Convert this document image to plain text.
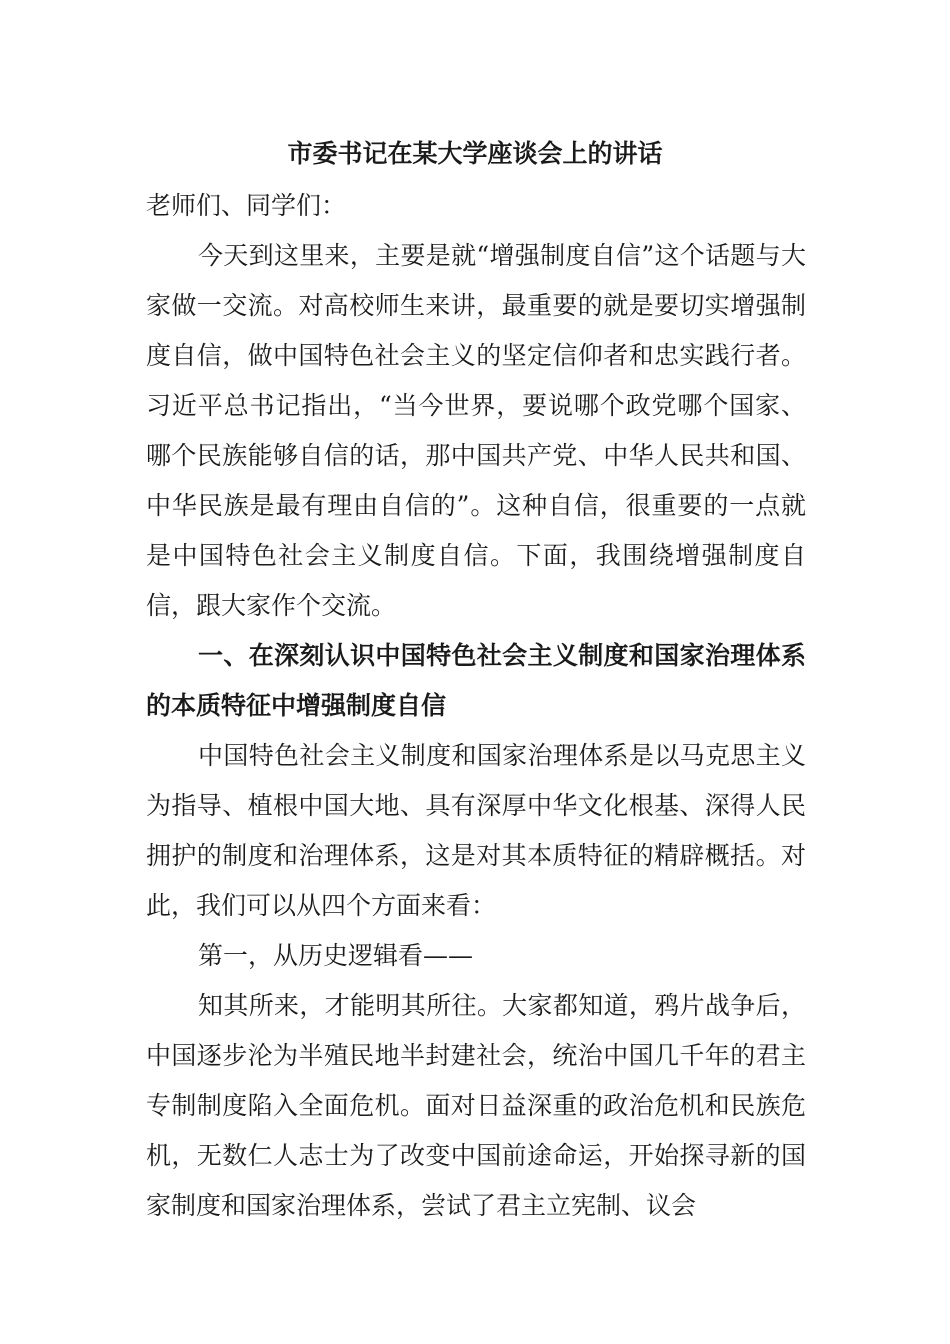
市委书记在某大学座谈会上的讲话

老师们、同学们：

今天到这里来，主要是就“增强制度自信”这个话题与大家做一交流。对高校师生来讲，最重要的就是要切实增强制度自信，做中国特色社会主义的坚定信仰者和忠实践行者。习近平总书记指出，“当今世界，要说哪个政党哪个国家、哪个民族能够自信的话，那中国共产党、中华人民共和国、中华民族是最有理由自信的”。这种自信，很重要的一点就是中国特色社会主义制度自信。下面，我围绕增强制度自信，跟大家作个交流。

一、在深刻认识中国特色社会主义制度和国家治理体系的本质特征中增强制度自信

中国特色社会主义制度和国家治理体系是以马克思主义为指导、植根中国大地、具有深厚中华文化根基、深得人民拥护的制度和治理体系，这是对其本质特征的精辟概括。对此，我们可以从四个方面来看：

第一，从历史逻辑看——

知其所来，才能明其所往。大家都知道，鸦片战争后，中国逐步沦为半殖民地半封建社会，统治中国几千年的君主专制制度陷入全面危机。面对日益深重的政治危机和民族危机，无数仁人志士为了改变中国前途命运，开始探寻新的国家制度和国家治理体系，尝试了君主立宪制、议会
